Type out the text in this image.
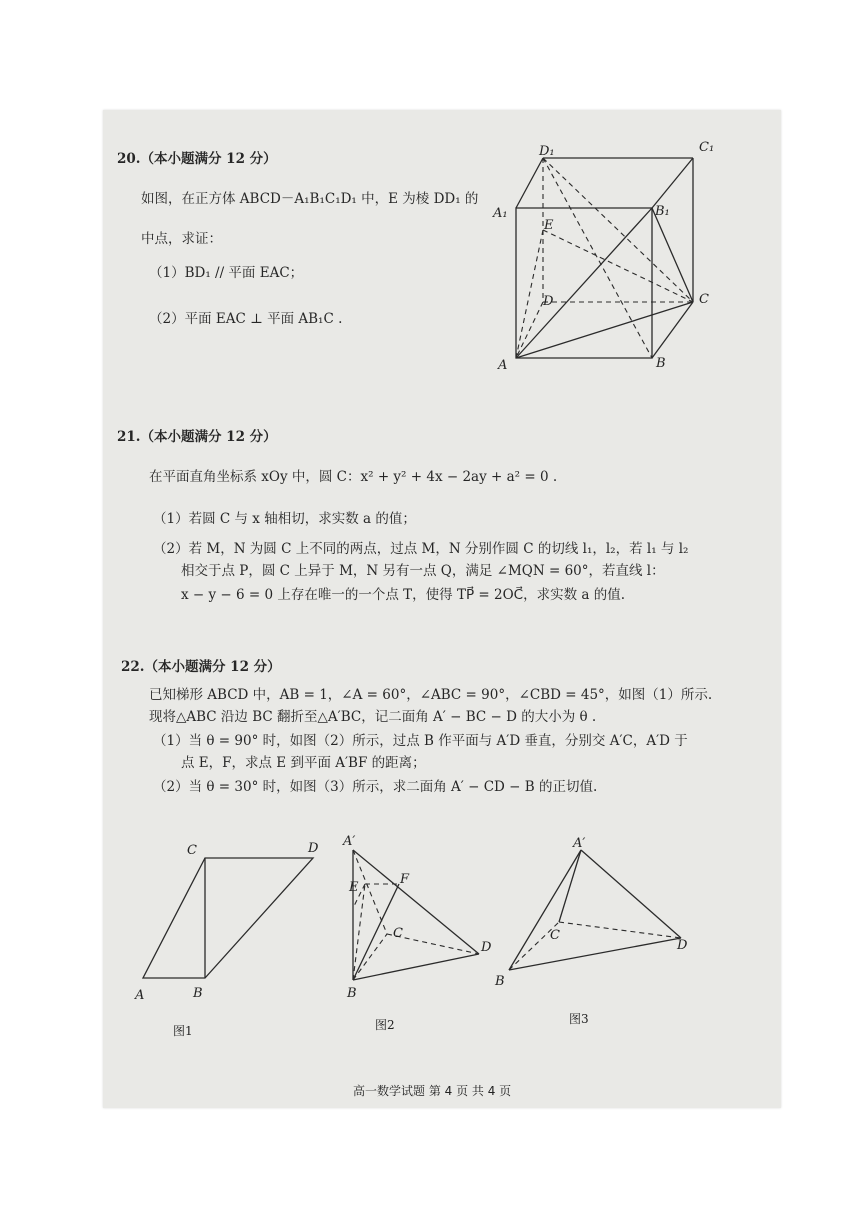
20.（本小题满分 12 分）
如图，在正方体 ABCD－A₁B₁C₁D₁ 中，E 为棱 DD₁ 的
中点，求证：
（1）BD₁ // 平面 EAC；
（2）平面 EAC ⊥ 平面 AB₁C .
D₁	C₁
A₁	B₁
E
D	C
A	B
21.（本小题满分 12 分）
在平面直角坐标系 xOy 中，圆 C：x² + y² + 4x − 2ay + a² = 0 .
（1）若圆 C 与 x 轴相切，求实数 a 的值；
（2）若 M，N 为圆 C 上不同的两点，过点 M，N 分别作圆 C 的切线 l₁，l₂，若 l₁ 与 l₂
相交于点 P，圆 C 上异于 M，N 另有一点 Q，满足 ∠MQN = 60°，若直线 l：
x − y − 6 = 0 上存在唯一的一个点 T，使得 TP⃗ = 2OC⃗，求实数 a 的值.
22.（本小题满分 12 分）
已知梯形 ABCD 中，AB = 1，∠A = 60°，∠ABC = 90°，∠CBD = 45°，如图（1）所示.
现将△ABC 沿边 BC 翻折至△A′BC，记二面角 A′ − BC − D 的大小为 θ .
（1）当 θ = 90° 时，如图（2）所示，过点 B 作平面与 A′D 垂直，分别交 A′C，A′D 于
点 E，F，求点 E 到平面 A′BF 的距离；
（2）当 θ = 30° 时，如图（3）所示，求二面角 A′ − CD − B 的正切值.
C	D
A	B
图1
A′
E
F
C
D
B
图2
A′
C
D
B
图3
高一数学试题 第 4 页 共 4 页
